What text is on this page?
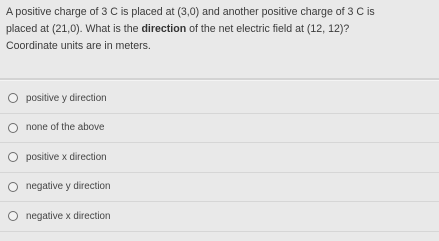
A positive charge of 3 C is placed at (3,0) and another positive charge of 3 C is
placed at (21,0). What is the direction of the net electric field at (12, 12)?
Coordinate units are in meters.
positive y direction
none of the above
positive x direction
negative y direction
negative x direction
